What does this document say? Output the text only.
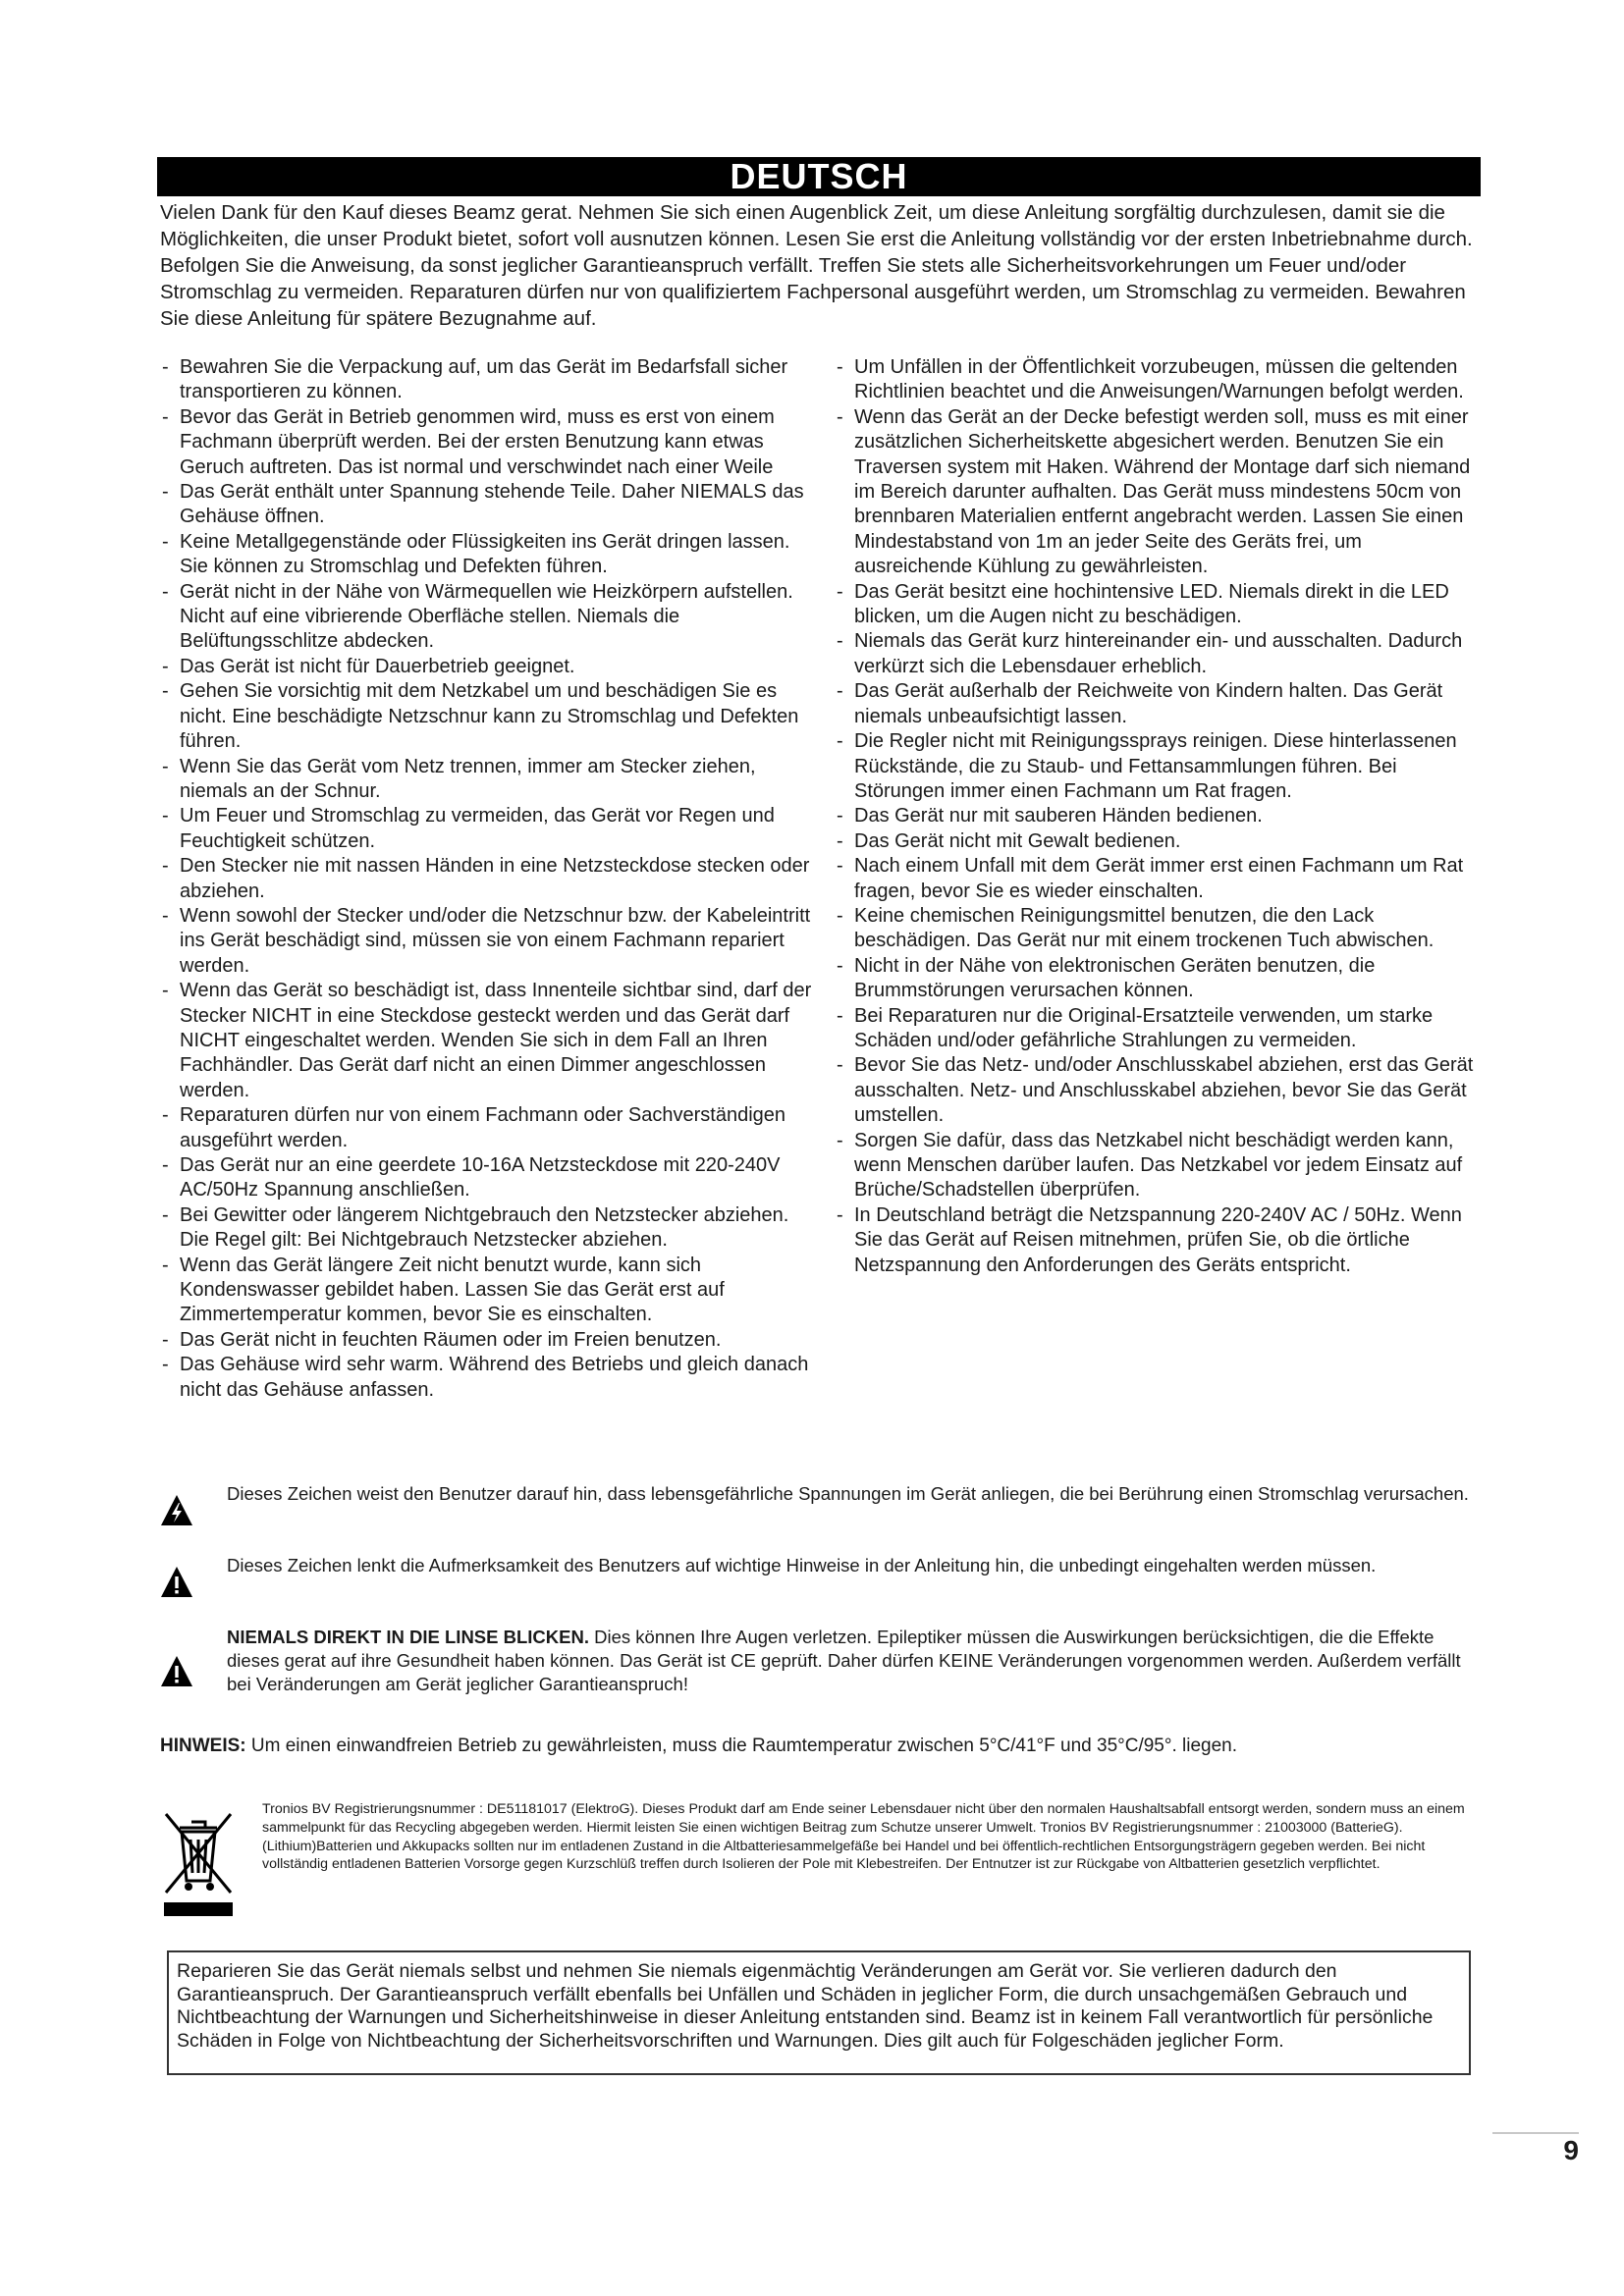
DEUTSCH
Vielen Dank für den Kauf dieses Beamz gerat. Nehmen Sie sich einen Augenblick Zeit, um diese Anleitung sorgfältig durchzulesen, damit sie die Möglichkeiten, die unser Produkt bietet, sofort voll ausnutzen können. Lesen Sie erst die Anleitung vollständig vor der ersten Inbetriebnahme durch. Befolgen Sie die Anweisung, da sonst jeglicher Garantieanspruch verfällt. Treffen Sie stets alle Sicherheitsvorkehrungen um Feuer und/oder Stromschlag zu vermeiden. Reparaturen dürfen nur von qualifiziertem Fachpersonal ausgeführt werden, um Stromschlag zu vermeiden. Bewahren Sie diese Anleitung für spätere Bezugnahme auf.
- Bewahren Sie die Verpackung auf, um das Gerät im Bedarfsfall sicher transportieren zu können.
- Bevor das Gerät in Betrieb genommen wird, muss es erst von einem Fachmann überprüft werden. Bei der ersten Benutzung kann etwas Geruch auftreten. Das ist normal und verschwindet nach einer Weile
- Das Gerät enthält unter Spannung stehende Teile. Daher NIEMALS das Gehäuse öffnen.
- Keine Metallgegenstände oder Flüssigkeiten ins Gerät dringen lassen. Sie können zu Stromschlag und Defekten führen.
- Gerät nicht in der Nähe von Wärmequellen wie Heizkörpern aufstellen. Nicht auf eine vibrierende Oberfläche stellen. Niemals die Belüftungsschlitze abdecken.
- Das Gerät ist nicht für Dauerbetrieb geeignet.
- Gehen Sie vorsichtig mit dem Netzkabel um und beschädigen Sie es nicht. Eine beschädigte Netzschnur kann zu Stromschlag und Defekten führen.
- Wenn Sie das Gerät vom Netz trennen, immer am Stecker ziehen, niemals an der Schnur.
- Um Feuer und Stromschlag zu vermeiden, das Gerät vor Regen und Feuchtigkeit schützen.
- Den Stecker nie mit nassen Händen in eine Netzsteckdose stecken oder abziehen.
- Wenn sowohl der Stecker und/oder die Netzschnur bzw. der Kabeleintritt ins Gerät beschädigt sind, müssen sie von einem Fachmann repariert werden.
- Wenn das Gerät so beschädigt ist, dass Innenteile sichtbar sind, darf der Stecker NICHT in eine Steckdose gesteckt werden und das Gerät darf NICHT eingeschaltet werden. Wenden Sie sich in dem Fall an Ihren Fachhändler. Das Gerät darf nicht an einen Dimmer angeschlossen werden.
- Reparaturen dürfen nur von einem Fachmann oder Sachverständigen ausgeführt werden.
- Das Gerät nur an eine geerdete 10-16A Netzsteckdose mit 220-240V AC/50Hz Spannung anschließen.
- Bei Gewitter oder längerem Nichtgebrauch den Netzstecker abziehen. Die Regel gilt: Bei Nichtgebrauch Netzstecker abziehen.
- Wenn das Gerät längere Zeit nicht benutzt wurde, kann sich Kondenswasser gebildet haben. Lassen Sie das Gerät erst auf Zimmertemperatur kommen, bevor Sie es einschalten.
- Das Gerät nicht in feuchten Räumen oder im Freien benutzen.
- Das Gehäuse wird sehr warm. Während des Betriebs und gleich danach nicht das Gehäuse anfassen.
- Um Unfällen in der Öffentlichkeit vorzubeugen, müssen die geltenden Richtlinien beachtet und die Anweisungen/Warnungen befolgt werden.
- Wenn das Gerät an der Decke befestigt werden soll, muss es mit einer zusätzlichen Sicherheitskette abgesichert werden. Benutzen Sie ein Traversen system mit Haken. Während der Montage darf sich niemand im Bereich darunter aufhalten. Das Gerät muss mindestens 50cm von brennbaren Materialien entfernt angebracht werden. Lassen Sie einen Mindestabstand von 1m an jeder Seite des Geräts frei, um ausreichende Kühlung zu gewährleisten.
- Das Gerät besitzt eine hochintensive LED. Niemals direkt in die LED blicken, um die Augen nicht zu beschädigen.
- Niemals das Gerät kurz hintereinander ein- und ausschalten. Dadurch verkürzt sich die Lebensdauer erheblich.
- Das Gerät außerhalb der Reichweite von Kindern halten. Das Gerät niemals unbeaufsichtigt lassen.
- Die Regler nicht mit Reinigungssprays reinigen. Diese hinterlassenen Rückstände, die zu Staub- und Fettansammlungen führen. Bei Störungen immer einen Fachmann um Rat fragen.
- Das Gerät nur mit sauberen Händen bedienen.
- Das Gerät nicht mit Gewalt bedienen.
- Nach einem Unfall mit dem Gerät immer erst einen Fachmann um Rat fragen, bevor Sie es wieder einschalten.
- Keine chemischen Reinigungsmittel benutzen, die den Lack beschädigen. Das Gerät nur mit einem trockenen Tuch abwischen.
- Nicht in der Nähe von elektronischen Geräten benutzen, die Brummstörungen verursachen können.
- Bei Reparaturen nur die Original-Ersatzteile verwenden, um starke Schäden und/oder gefährliche Strahlungen zu vermeiden.
- Bevor Sie das Netz- und/oder Anschlusskabel abziehen, erst das Gerät ausschalten. Netz- und Anschlusskabel abziehen, bevor Sie das Gerät umstellen.
- Sorgen Sie dafür, dass das Netzkabel nicht beschädigt werden kann, wenn Menschen darüber laufen. Das Netzkabel vor jedem Einsatz auf Brüche/Schadstellen überprüfen.
- In Deutschland beträgt die Netzspannung 220-240V AC / 50Hz. Wenn Sie das Gerät auf Reisen mitnehmen, prüfen Sie, ob die örtliche Netzspannung den Anforderungen des Geräts entspricht.
Dieses Zeichen weist den Benutzer darauf hin, dass lebensgefährliche Spannungen im Gerät anliegen, die bei Berührung einen Stromschlag verursachen.
Dieses Zeichen lenkt die Aufmerksamkeit des Benutzers auf wichtige Hinweise in der Anleitung hin, die unbedingt eingehalten werden müssen.
NIEMALS DIREKT IN DIE LINSE BLICKEN. Dies können Ihre Augen verletzen. Epileptiker müssen die Auswirkungen berücksichtigen, die die Effekte dieses gerat auf ihre Gesundheit haben können. Das Gerät ist CE geprüft. Daher dürfen KEINE Veränderungen vorgenommen werden. Außerdem verfällt bei Veränderungen am Gerät jeglicher Garantieanspruch!
HINWEIS: Um einen einwandfreien Betrieb zu gewährleisten, muss die Raumtemperatur zwischen 5°C/41°F und 35°C/95°. liegen.
Tronios BV Registrierungsnummer : DE51181017 (ElektroG). Dieses Produkt darf am Ende seiner Lebensdauer nicht über den normalen Haushaltsabfall entsorgt werden, sondern muss an einem sammelpunkt für das Recycling abgegeben werden. Hiermit leisten Sie einen wichtigen Beitrag zum Schutze unserer Umwelt. Tronios BV Registrierungsnummer : 21003000 (BatterieG). (Lithium)Batterien und Akkupacks sollten nur im entladenen Zustand in die Altbatteriesammelgefäße bei Handel und bei öffentlich-rechtlichen Entsorgungsträgern gegeben werden. Bei nicht vollständig entladenen Batterien Vorsorge gegen Kurzschlüß treffen durch Isolieren der Pole mit Klebestreifen. Der Entnutzer ist zur Rückgabe von Altbatterien gesetzlich verpflichtet.
Reparieren Sie das Gerät niemals selbst und nehmen Sie niemals eigenmächtig Veränderungen am Gerät vor. Sie verlieren dadurch den Garantieanspruch. Der Garantieanspruch verfällt ebenfalls bei Unfällen und Schäden in jeglicher Form, die durch unsachgemäßen Gebrauch und Nichtbeachtung der Warnungen und Sicherheitshinweise in dieser Anleitung entstanden sind. Beamz ist in keinem Fall verantwortlich für persönliche Schäden in Folge von Nichtbeachtung der Sicherheitsvorschriften und Warnungen. Dies gilt auch für Folgeschäden jeglicher Form.
9
